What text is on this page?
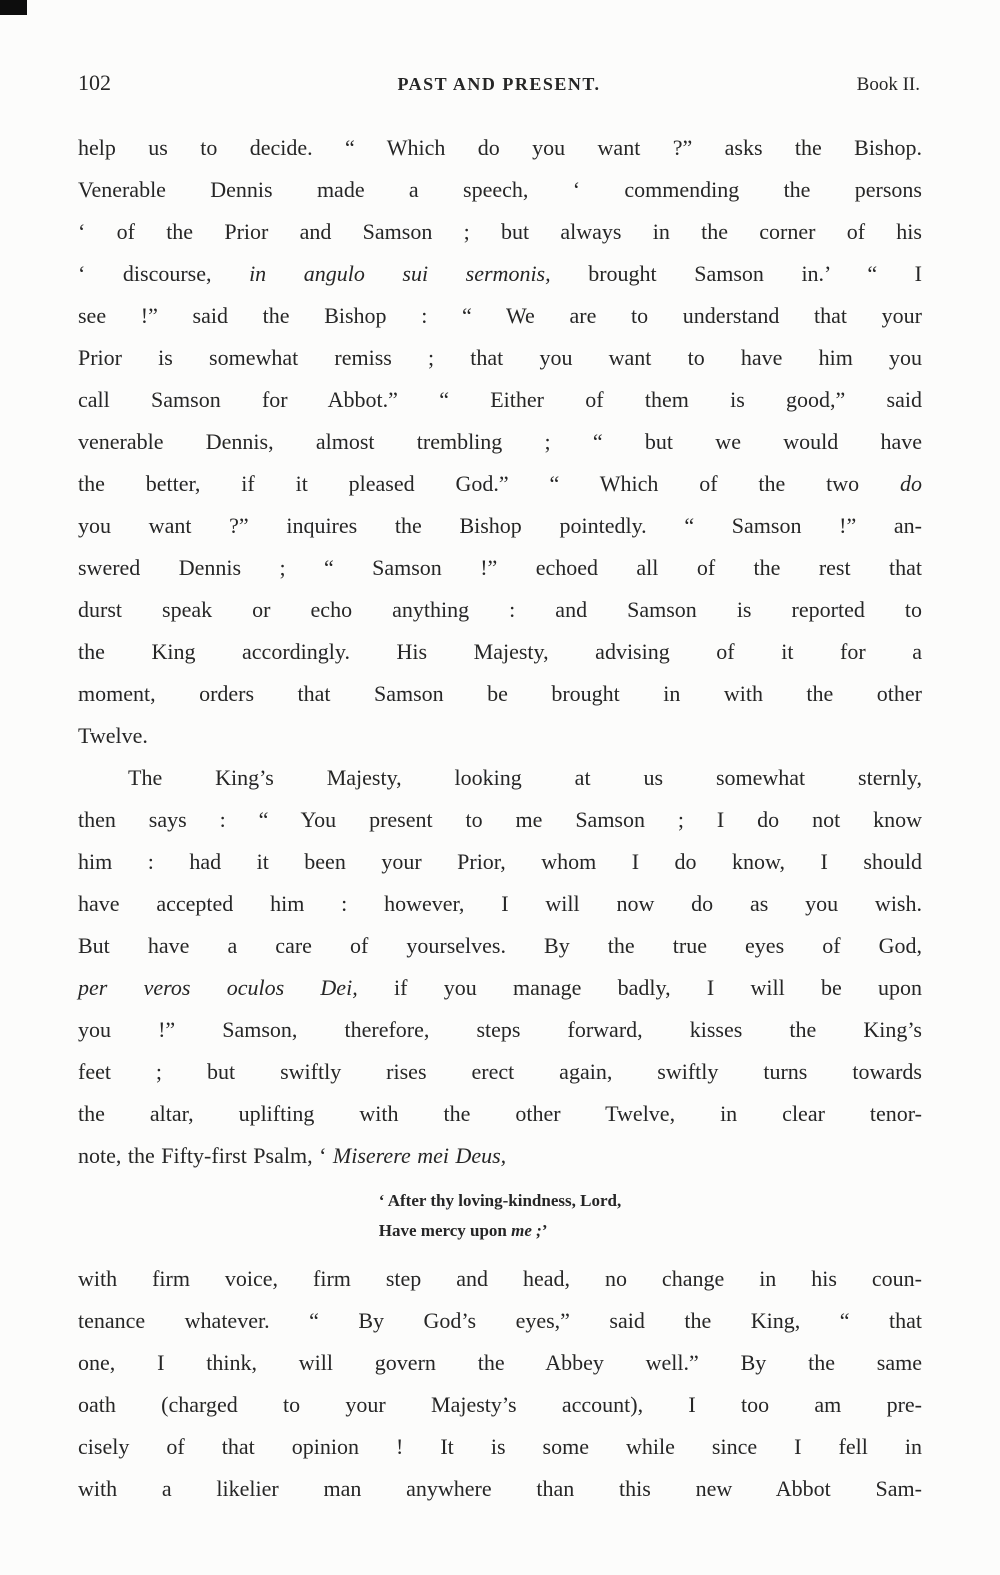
102	PAST AND PRESENT.	Book II.
help us to decide. “ Which do you want ?” asks the Bishop.
Venerable Dennis made a speech, ‘ commending the persons
‘ of the Prior and Samson ; but always in the corner of his
‘ discourse, in angulo sui sermonis, brought Samson in.’ “ I
see !” said the Bishop : “ We are to understand that your
Prior is somewhat remiss ; that you want to have him you
call Samson for Abbot.” “ Either of them is good,” said
venerable Dennis, almost trembling ; “ but we would have
the better, if it pleased God.” “ Which of the two do
you want ?” inquires the Bishop pointedly. “ Samson !” an-
swered Dennis ; “ Samson !” echoed all of the rest that
durst speak or echo anything : and Samson is reported to
the King accordingly. His Majesty, advising of it for a
moment, orders that Samson be brought in with the other
Twelve.
The King’s Majesty, looking at us somewhat sternly,
then says : “ You present to me Samson ; I do not know
him : had it been your Prior, whom I do know, I should
have accepted him : however, I will now do as you wish.
But have a care of yourselves. By the true eyes of God,
per veros oculos Dei, if you manage badly, I will be upon
you !” Samson, therefore, steps forward, kisses the King’s
feet ; but swiftly rises erect again, swiftly turns towards
the altar, uplifting with the other Twelve, in clear tenor-
note, the Fifty-first Psalm, ‘ Miserere mei Deus,
‘ After thy loving-kindness, Lord,
Have mercy upon me ;’
with firm voice, firm step and head, no change in his coun-
tenance whatever. “ By God’s eyes,” said the King, “ that
one, I think, will govern the Abbey well.” By the same
oath (charged to your Majesty’s account), I too am pre-
cisely of that opinion ! It is some while since I fell in
with a likelier man anywhere than this new Abbot Sam-
